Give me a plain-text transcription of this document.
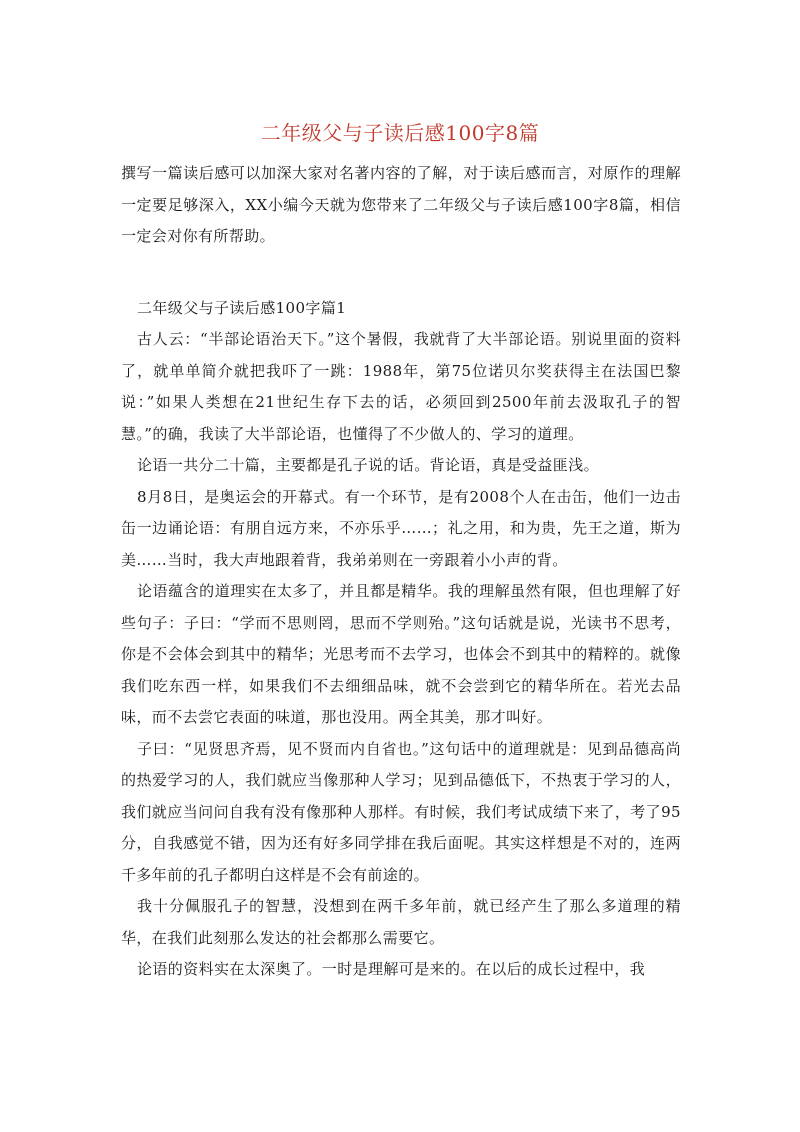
二年级父与子读后感100字8篇

撰写一篇读后感可以加深大家对名著内容的了解，对于读后感而言，对原作的理解一定要足够深入，XX小编今天就为您带来了二年级父与子读后感100字8篇，相信一定会对你有所帮助。

二年级父与子读后感100字篇1

古人云：“半部论语治天下。”这个暑假，我就背了大半部论语。别说里面的资料了，就单单简介就把我吓了一跳：1988年，第75位诺贝尔奖获得主在法国巴黎说：”如果人类想在21世纪生存下去的话，必须回到2500年前去汲取孔子的智慧。”的确，我读了大半部论语，也懂得了不少做人的、学习的道理。

论语一共分二十篇，主要都是孔子说的话。背论语，真是受益匪浅。

8月8日，是奥运会的开幕式。有一个环节，是有2008个人在击缶，他们一边击缶一边诵论语：有朋自远方来，不亦乐乎……；礼之用，和为贵，先王之道，斯为美……当时，我大声地跟着背，我弟弟则在一旁跟着小小声的背。

论语蕴含的道理实在太多了，并且都是精华。我的理解虽然有限，但也理解了好些句子：子曰：“学而不思则罔，思而不学则殆。”这句话就是说，光读书不思考，你是不会体会到其中的精华；光思考而不去学习，也体会不到其中的精粹的。就像我们吃东西一样，如果我们不去细细品味，就不会尝到它的精华所在。若光去品味，而不去尝它表面的味道，那也没用。两全其美，那才叫好。

子曰：“见贤思齐焉，见不贤而内自省也。”这句话中的道理就是：见到品德高尚的热爱学习的人，我们就应当像那种人学习；见到品德低下，不热衷于学习的人，我们就应当问问自我有没有像那种人那样。有时候，我们考试成绩下来了，考了95分，自我感觉不错，因为还有好多同学排在我后面呢。其实这样想是不对的，连两千多年前的孔子都明白这样是不会有前途的。

我十分佩服孔子的智慧，没想到在两千多年前，就已经产生了那么多道理的精华，在我们此刻那么发达的社会都那么需要它。

论语的资料实在太深奥了。一时是理解可是来的。在以后的成长过程中，我
